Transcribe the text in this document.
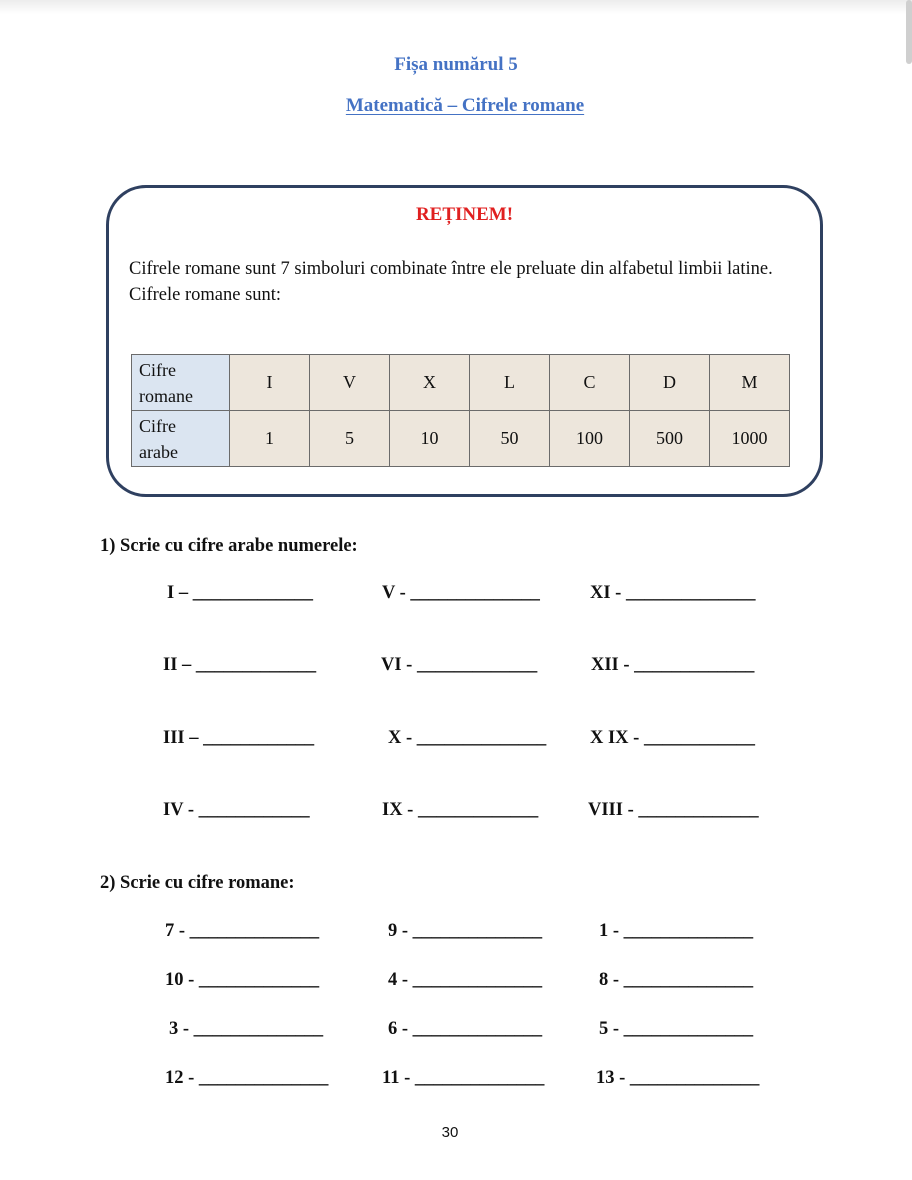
Fișa numărul 5
Matematică – Cifrele romane
REȚINEM!
Cifrele romane sunt 7 simboluri combinate între ele preluate din alfabetul limbii latine.
Cifrele romane sunt:
Cifre
romane	I	V	X	L	C	D	M
Cifre
arabe	1	5	10	50	100	500	1000
1) Scrie cu cifre arabe numerele:
I – _____________	V - ______________	XI - ______________
II – _____________	VI - _____________	XII - _____________
III – ____________	X - ______________ X IX - ____________
IV - ____________	IX - _____________	VIII - _____________
2) Scrie cu cifre romane:
7 - ______________	9 - ______________	1 - ______________
10 - _____________	4 - ______________	8 - ______________
3 - ______________	6 - ______________	5 - ______________
12 - ______________	11 - ______________	13 - ______________
30
